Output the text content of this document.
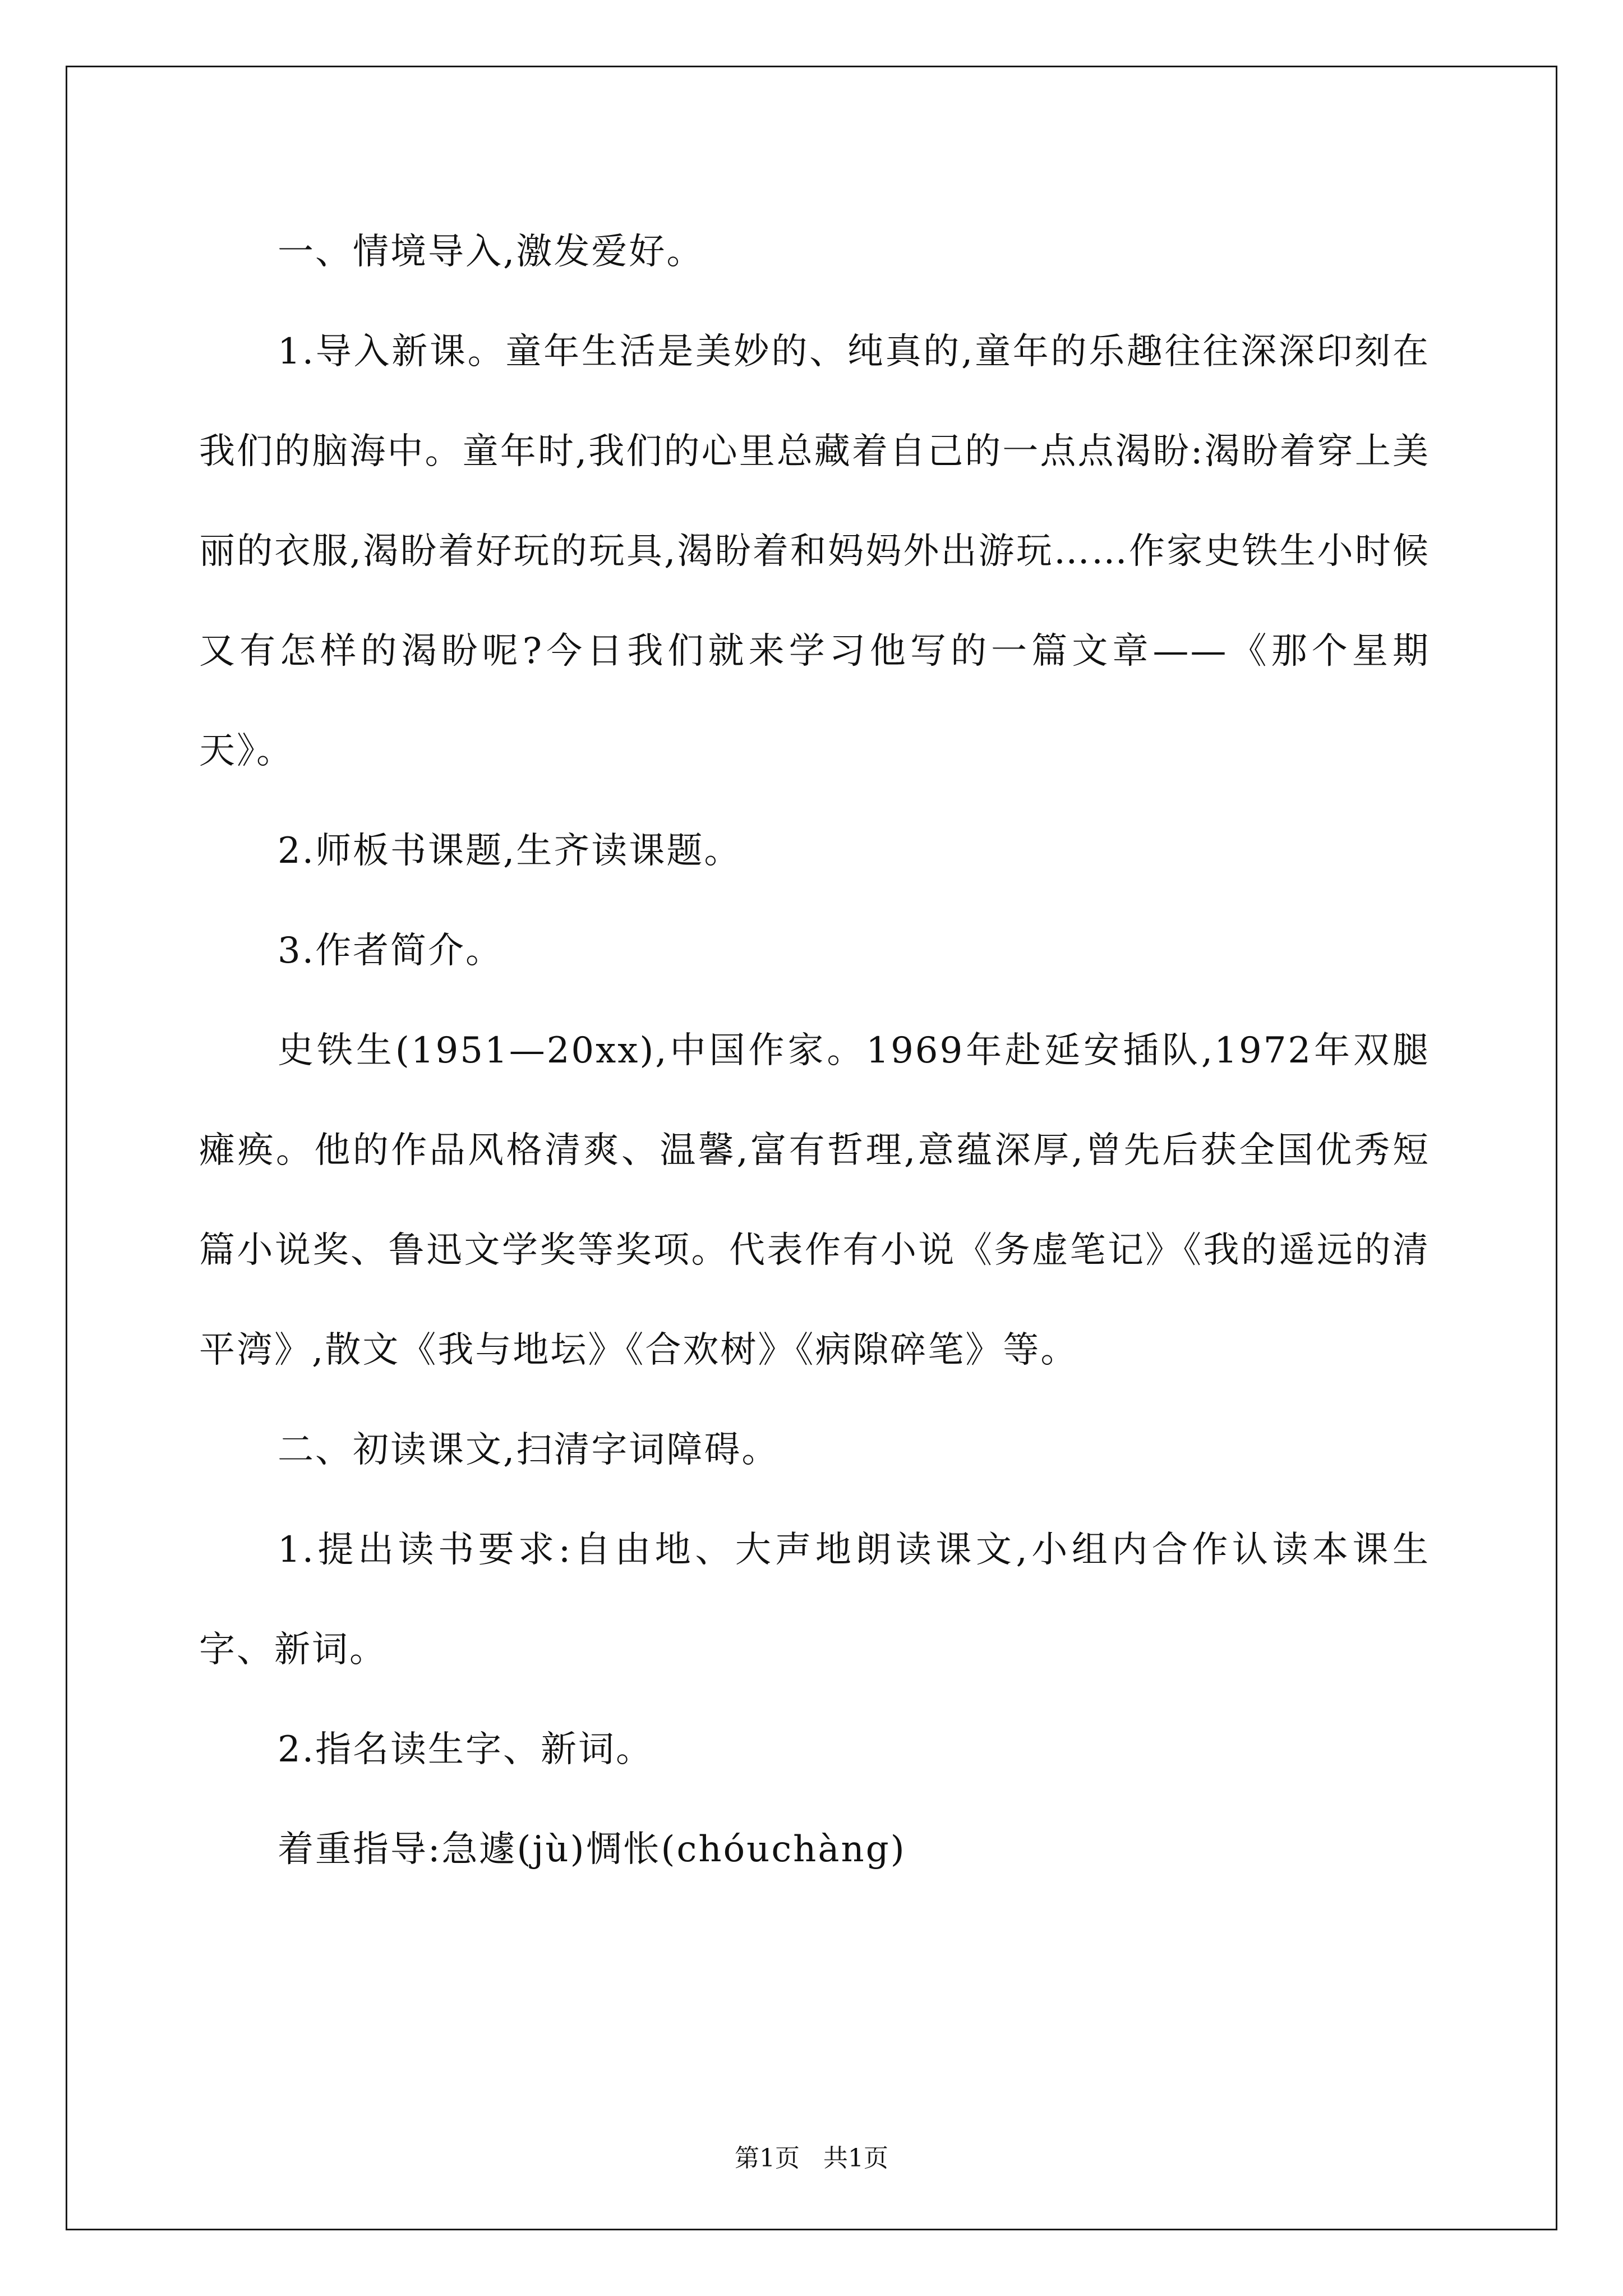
一、情境导入,激发爱好。

1.导入新课。童年生活是美妙的、纯真的,童年的乐趣往往深深印刻在我们的脑海中。童年时,我们的心里总藏着自己的一点点渴盼:渴盼着穿上美丽的衣服,渴盼着好玩的玩具,渴盼着和妈妈外出游玩……作家史铁生小时候又有怎样的渴盼呢?今日我们就来学习他写的一篇文章——《那个星期天》。

2.师板书课题,生齐读课题。

3.作者简介。

史铁生(1951—20xx),中国作家。1969年赴延安插队,1972年双腿瘫痪。他的作品风格清爽、温馨,富有哲理,意蕴深厚,曾先后获全国优秀短篇小说奖、鲁迅文学奖等奖项。代表作有小说《务虚笔记》《我的遥远的清平湾》,散文《我与地坛》《合欢树》《病隙碎笔》等。

二、初读课文,扫清字词障碍。

1.提出读书要求:自由地、大声地朗读课文,小组内合作认读本课生字、新词。

2.指名读生字、新词。

着重指导:急遽(jù)惆怅(chóuchàng)

第1页   共1页
